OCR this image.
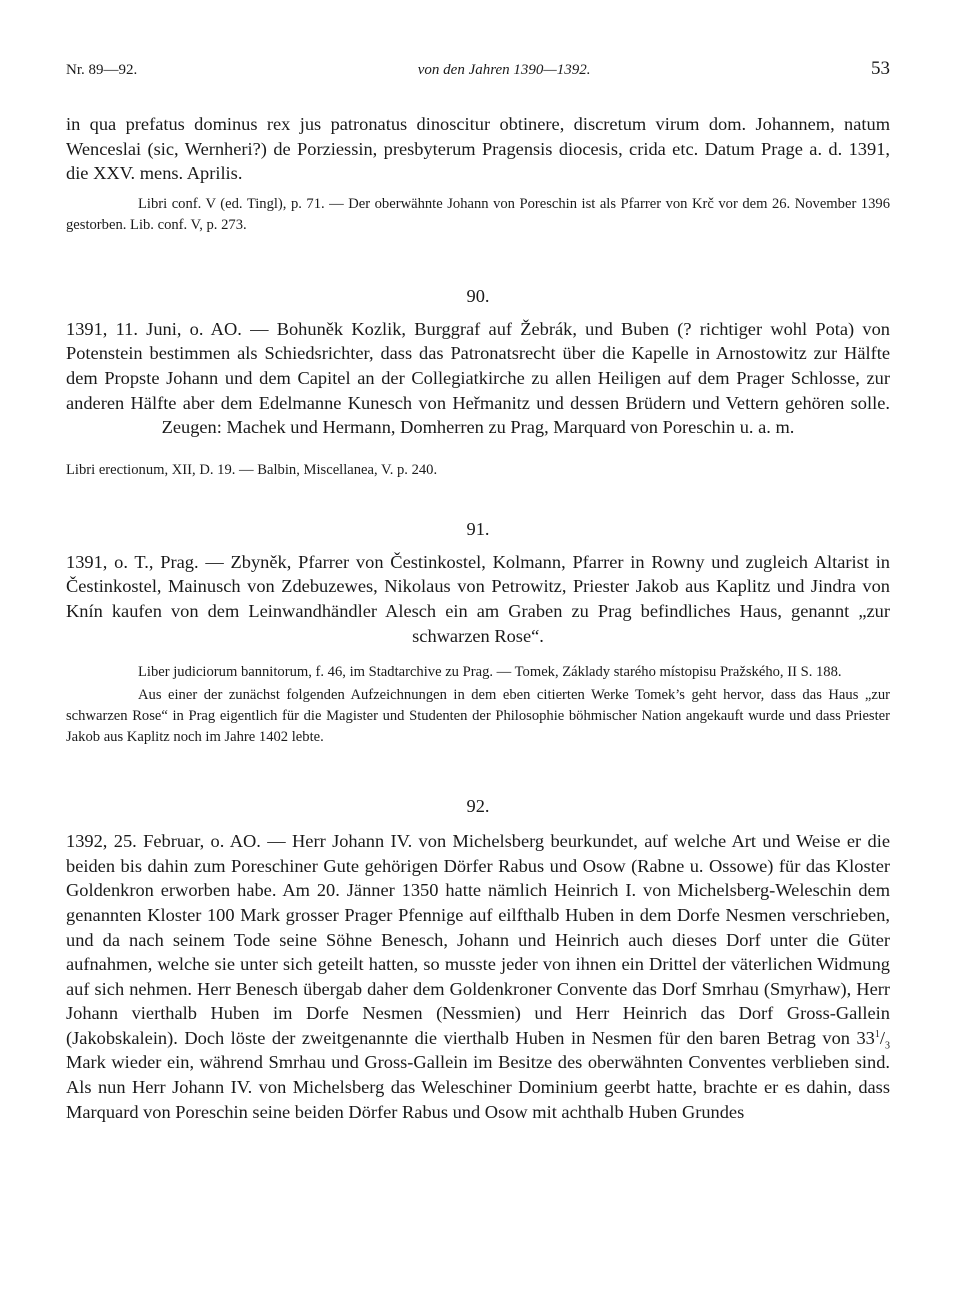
Nr. 89—92.	von den Jahren 1390—1392.	53

in qua prefatus dominus rex jus patronatus dinoscitur obtinere, discretum virum dom. Johannem, natum Wenceslai (sic, Wernheri?) de Porziessin, presbyterum Pragensis diocesis, crida etc. Datum Prage a. d. 1391, die XXV. mens. Aprilis.

Libri conf. V (ed. Tingl), p. 71. — Der oberwähnte Johann von Poreschin ist als Pfarrer von Krč vor dem 26. November 1396 gestorben. Lib. conf. V, p. 273.

90.

1391, 11. Juni, o. AO. — Bohuněk Kozlik, Burggraf auf Žebrák, und Buben (? richtiger wohl Pota) von Potenstein bestimmen als Schiedsrichter, dass das Patronatsrecht über die Kapelle in Arnostowitz zur Hälfte dem Propste Johann und dem Capitel an der Collegiatkirche zu allen Heiligen auf dem Prager Schlosse, zur anderen Hälfte aber dem Edelmanne Kunesch von Heřmanitz und dessen Brüdern und Vettern gehören solle. Zeugen: Machek und Hermann, Domherren zu Prag, Marquard von Poreschin u. a. m.

Libri erectionum, XII, D. 19. — Balbin, Miscellanea, V. p. 240.

91.

1391, o. T., Prag. — Zbyněk, Pfarrer von Čestinkostel, Kolmann, Pfarrer in Rowny und zugleich Altarist in Čestinkostel, Mainusch von Zdebuzewes, Nikolaus von Petrowitz, Priester Jakob aus Kaplitz und Jindra von Knín kaufen von dem Leinwandhändler Alesch ein am Graben zu Prag befindliches Haus, genannt „zur schwarzen Rose“.

Liber judiciorum bannitorum, f. 46, im Stadtarchive zu Prag. — Tomek, Základy starého místopisu Pražského, II S. 188.

Aus einer der zunächst folgenden Aufzeichnungen in dem eben citierten Werke Tomek’s geht hervor, dass das Haus „zur schwarzen Rose“ in Prag eigentlich für die Magister und Studenten der Philosophie böhmischer Nation angekauft wurde und dass Priester Jakob aus Kaplitz noch im Jahre 1402 lebte.

92.

1392, 25. Februar, o. AO. — Herr Johann IV. von Michelsberg beurkundet, auf welche Art und Weise er die beiden bis dahin zum Poreschiner Gute gehörigen Dörfer Rabus und Osow (Rabne u. Ossowe) für das Kloster Goldenkron erworben habe. Am 20. Jänner 1350 hatte nämlich Heinrich I. von Michelsberg-Weleschin dem genannten Kloster 100 Mark grosser Prager Pfennige auf eilfthalb Huben in dem Dorfe Nesmen verschrieben, und da nach seinem Tode seine Söhne Benesch, Johann und Heinrich auch dieses Dorf unter die Güter aufnahmen, welche sie unter sich geteilt hatten, so musste jeder von ihnen ein Drittel der väterlichen Widmung auf sich nehmen. Herr Benesch übergab daher dem Goldenkroner Convente das Dorf Smrhau (Smyrhaw), Herr Johann vierthalb Huben im Dorfe Nesmen (Nessmien) und Herr Heinrich das Dorf Gross-Gallein (Jakobskalein). Doch löste der zweitgenannte die vierthalb Huben in Nesmen für den baren Betrag von $33^1/_3$ Mark wieder ein, während Smrhau und Gross-Gallein im Besitze des oberwähnten Conventes verblieben sind. Als nun Herr Johann IV. von Michelsberg das Weleschiner Dominium geerbt hatte, brachte er es dahin, dass Marquard von Poreschin seine beiden Dörfer Rabus und Osow mit achthalb Huben Grundes
